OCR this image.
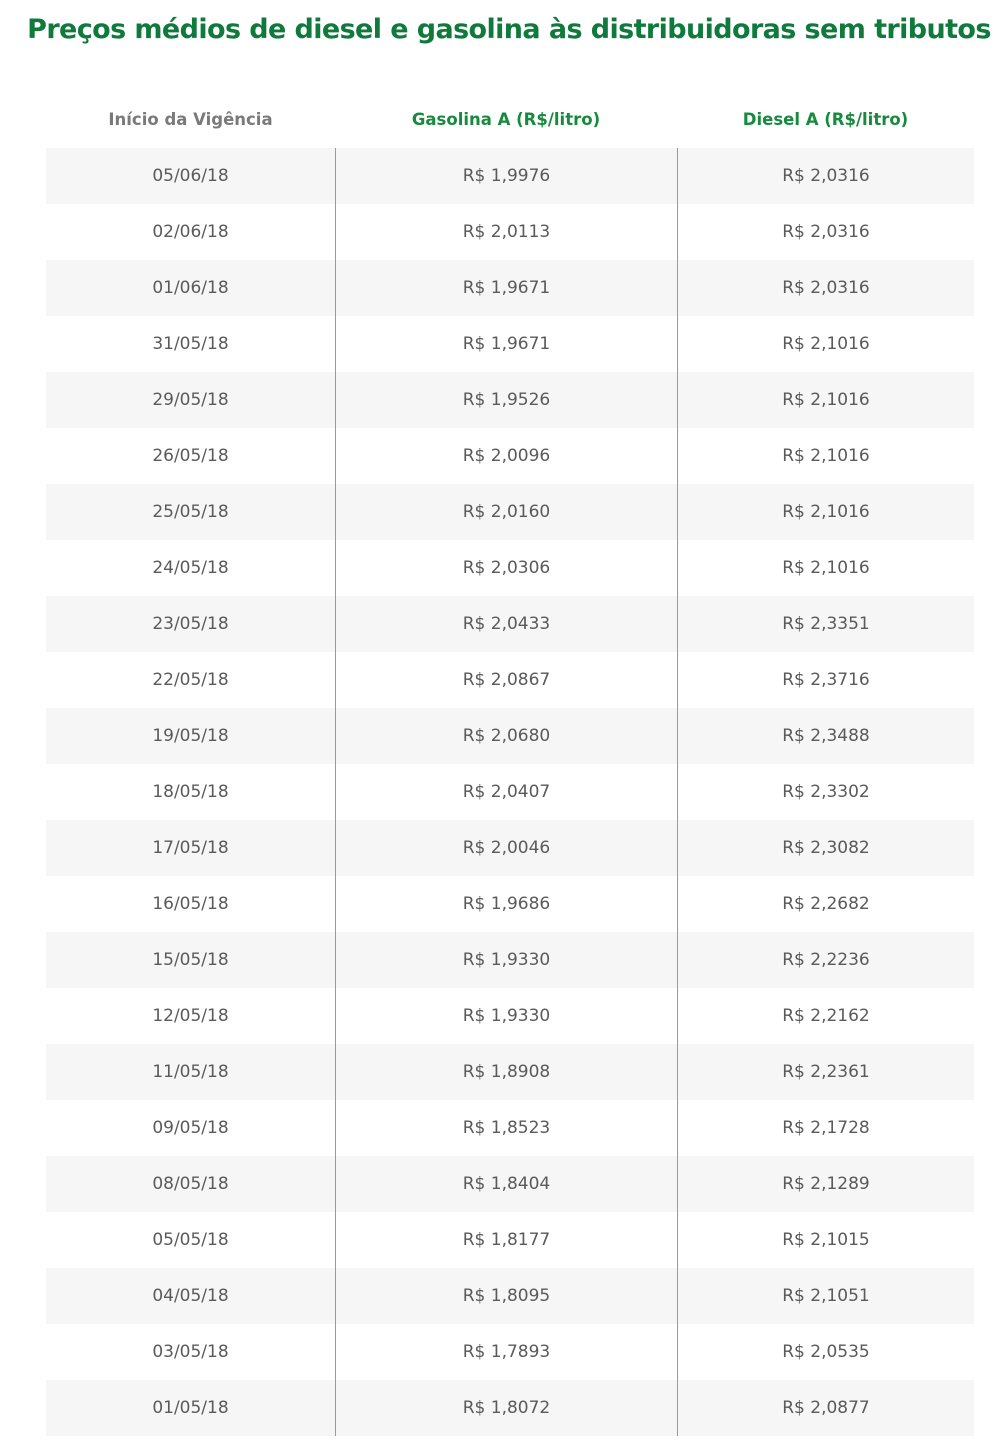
Preços médios de diesel e gasolina às distribuidoras sem tributos
Início da Vigência	Gasolina A (R$/litro)	Diesel A (R$/litro)
05/06/18	R$ 1,9976	R$ 2,0316
02/06/18	R$ 2,0113	R$ 2,0316
01/06/18	R$ 1,9671	R$ 2,0316
31/05/18	R$ 1,9671	R$ 2,1016
29/05/18	R$ 1,9526	R$ 2,1016
26/05/18	R$ 2,0096	R$ 2,1016
25/05/18	R$ 2,0160	R$ 2,1016
24/05/18	R$ 2,0306	R$ 2,1016
23/05/18	R$ 2,0433	R$ 2,3351
22/05/18	R$ 2,0867	R$ 2,3716
19/05/18	R$ 2,0680	R$ 2,3488
18/05/18	R$ 2,0407	R$ 2,3302
17/05/18	R$ 2,0046	R$ 2,3082
16/05/18	R$ 1,9686	R$ 2,2682
15/05/18	R$ 1,9330	R$ 2,2236
12/05/18	R$ 1,9330	R$ 2,2162
11/05/18	R$ 1,8908	R$ 2,2361
09/05/18	R$ 1,8523	R$ 2,1728
08/05/18	R$ 1,8404	R$ 2,1289
05/05/18	R$ 1,8177	R$ 2,1015
04/05/18	R$ 1,8095	R$ 2,1051
03/05/18	R$ 1,7893	R$ 2,0535
01/05/18	R$ 1,8072	R$ 2,0877
